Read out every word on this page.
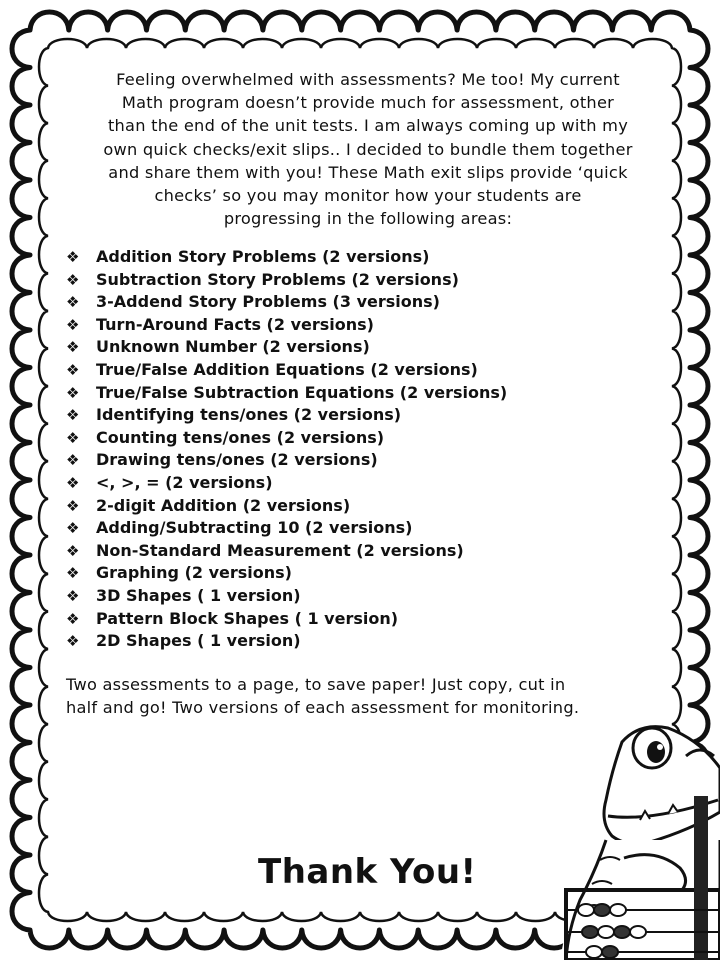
Feeling overwhelmed with assessments? Me too! My current
Math program doesn’t provide much for assessment, other
than the end of the unit tests. I am always coming up with my
own quick checks/exit slips.. I decided to bundle them together
and share them with you! These Math exit slips provide ‘quick
checks’ so you may monitor how your students are
progressing in the following areas:

❖	Addition Story Problems (2 versions)
❖	Subtraction Story Problems (2 versions)
❖	3-Addend Story Problems (3 versions)
❖	Turn-Around Facts (2 versions)
❖	Unknown Number (2 versions)
❖	True/False Addition Equations (2 versions)
❖	True/False Subtraction Equations (2 versions)
❖	Identifying tens/ones (2 versions)
❖	Counting tens/ones (2 versions)
❖	Drawing tens/ones (2 versions)
❖	<, >, = (2 versions)
❖	2-digit Addition (2 versions)
❖	Adding/Subtracting 10 (2 versions)
❖	Non-Standard Measurement (2 versions)
❖	Graphing (2 versions)
❖	3D Shapes ( 1 version)
❖	Pattern Block Shapes ( 1 version)
❖	2D Shapes ( 1 version)

Two assessments to a page, to save paper! Just copy, cut in
half and go! Two versions of each assessment for monitoring.

Thank You!
